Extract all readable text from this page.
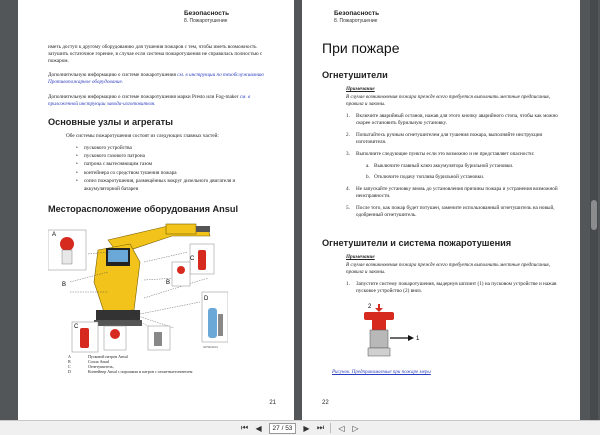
Безопасность
8. Пожаротушение
иметь доступ к другому оборудованию для тушения пожаров с тем, чтобы иметь возможность затушить остаточное горение, в случае если система пожаротушения не справилась полностью с пожаром.
Дополнительную информацию о системе пожаротушения см. в инструкции по техобслуживанию Противопожарное оборудование.
Дополнительную информацию о системе пожаротушения марки Presto или Fog-maker см. в приложенной инструкции завода-изготовителя.
Основные узлы и агрегаты
Обе системы пожаротушения состоят из следующих главных частей:
• пускового устройства
• пускового газового патрона
• патрона с вытесняющим газом
• контейнера со средством тушения пожара
• сопел пожаротушения, размещённых вокруг дизельного двигателя и аккумуляторной батареи
Месторасположение оборудования Ansul
A
B
C
B
C
D
GPSR1101
A	Пусковой патрон Ansul
B	Сопла Ansul
C	Огнетушитель,
D	Контейнер Ansul с порошком и патрон с газом-вытеснителем
21
Безопасность
8. Пожаротушение
При пожаре
Огнетушители
Примечание
В случае возникновения пожара прежде всего требуется выполнить местные предписания, правила и законы.
1. Включите аварийный останов, нажав для этого кнопку аварийного стопа, чтобы как можно скорее остановить бурильную установку.
2. Попытайтесь ручным огнетушителем для тушения пожара, выполняйте инструкции изготовителя.
3. Выполните следующие пункты если это возможно и не представляет опасности:
a. Выключите главный ключ аккумулятора бурильной установки.
b. Отключите подачу топлива бурильной установки.
4. Не запускайте установку вновь до установления причины пожара и устранения возможной неисправности.
5. После того, как пожар будет потушен, замените использованный огнетушитель на новый, одобренный огнетушитель.
Огнетушители и система пожаротушения
Примечание
В случае возникновения пожара прежде всего требуется выполнить местные предписания, правила и законы.
1. Запустите систему пожаротушения, выдернув шплинт (1) на пусковом устройстве и нажав пусковое устройство (2) вниз.
2
1
Рисунок. Предпринимаемые при пожаре меры
22
⏮ ◀	27 / 53	▶ ⏭	◁ ▷
